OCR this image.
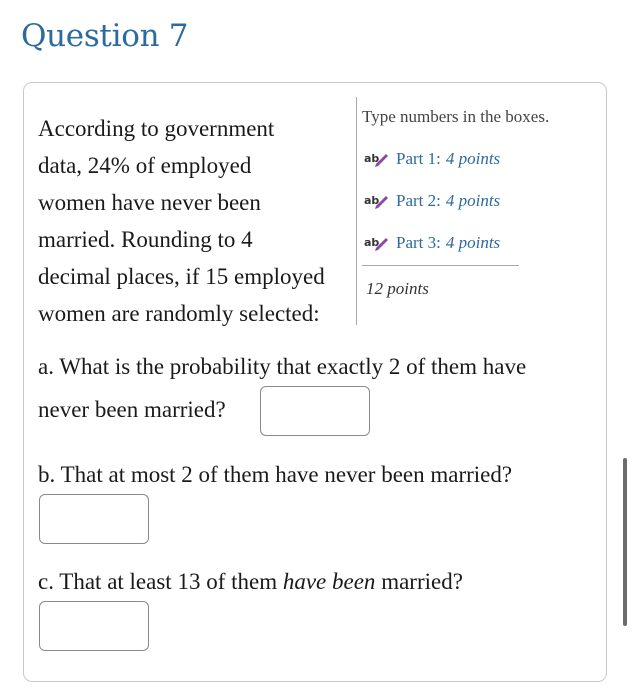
Question 7
According to government
data, 24% of employed
women have never been
married. Rounding to 4
decimal places, if 15 employed
women are randomly selected:
Type numbers in the boxes.
ab Part 1: 4 points
ab Part 2: 4 points
ab Part 3: 4 points
12 points
a. What is the probability that exactly 2 of them have
never been married?
b. That at most 2 of them have never been married?
c. That at least 13 of them have been married?
